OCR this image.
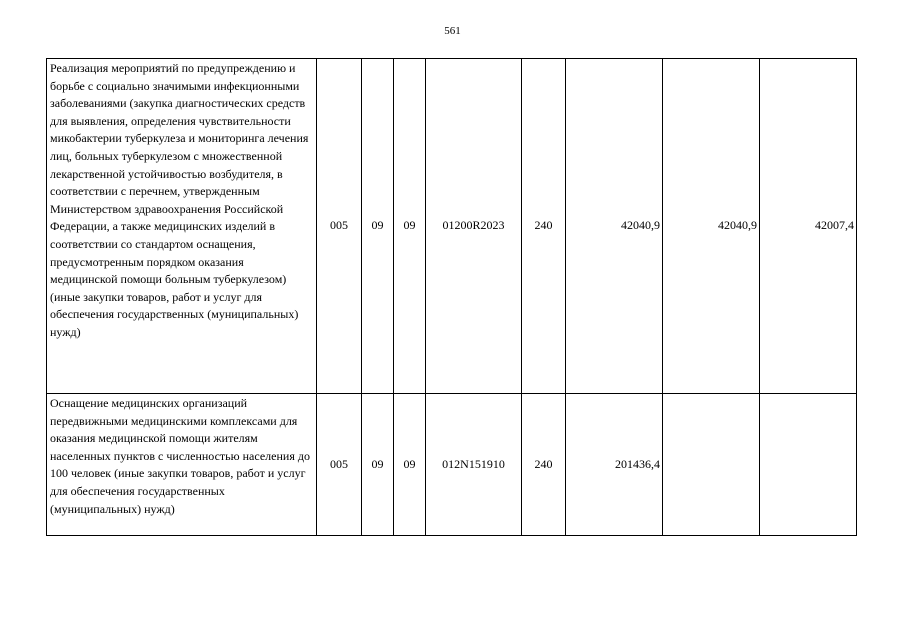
561
Реализация мероприятий по предупреждению и борьбе с социально значимыми инфекционными заболеваниями (закупка диагностических средств для выявления, определения чувствительности микобактерии туберкулеза и мониторинга лечения лиц, больных туберкулезом с множественной лекарственной устойчивостью возбудителя, в соответствии с перечнем, утвержденным Министерством здравоохранения Российской Федерации, а также медицинских изделий в соответствии со стандартом оснащения, предусмотренным порядком оказания медицинской помощи больным туберкулезом) (иные закупки товаров, работ и услуг для обеспечения государственных (муниципальных) нужд)	005	09	09	01200R2023	240	42040,9	42040,9	42007,4
Оснащение медицинских организаций передвижными медицинскими комплексами для оказания медицинской помощи жителям населенных пунктов с численностью населения до 100 человек (иные закупки товаров, работ и услуг для обеспечения государственных (муниципальных) нужд)	005	09	09	012N151910	240	201436,4		
